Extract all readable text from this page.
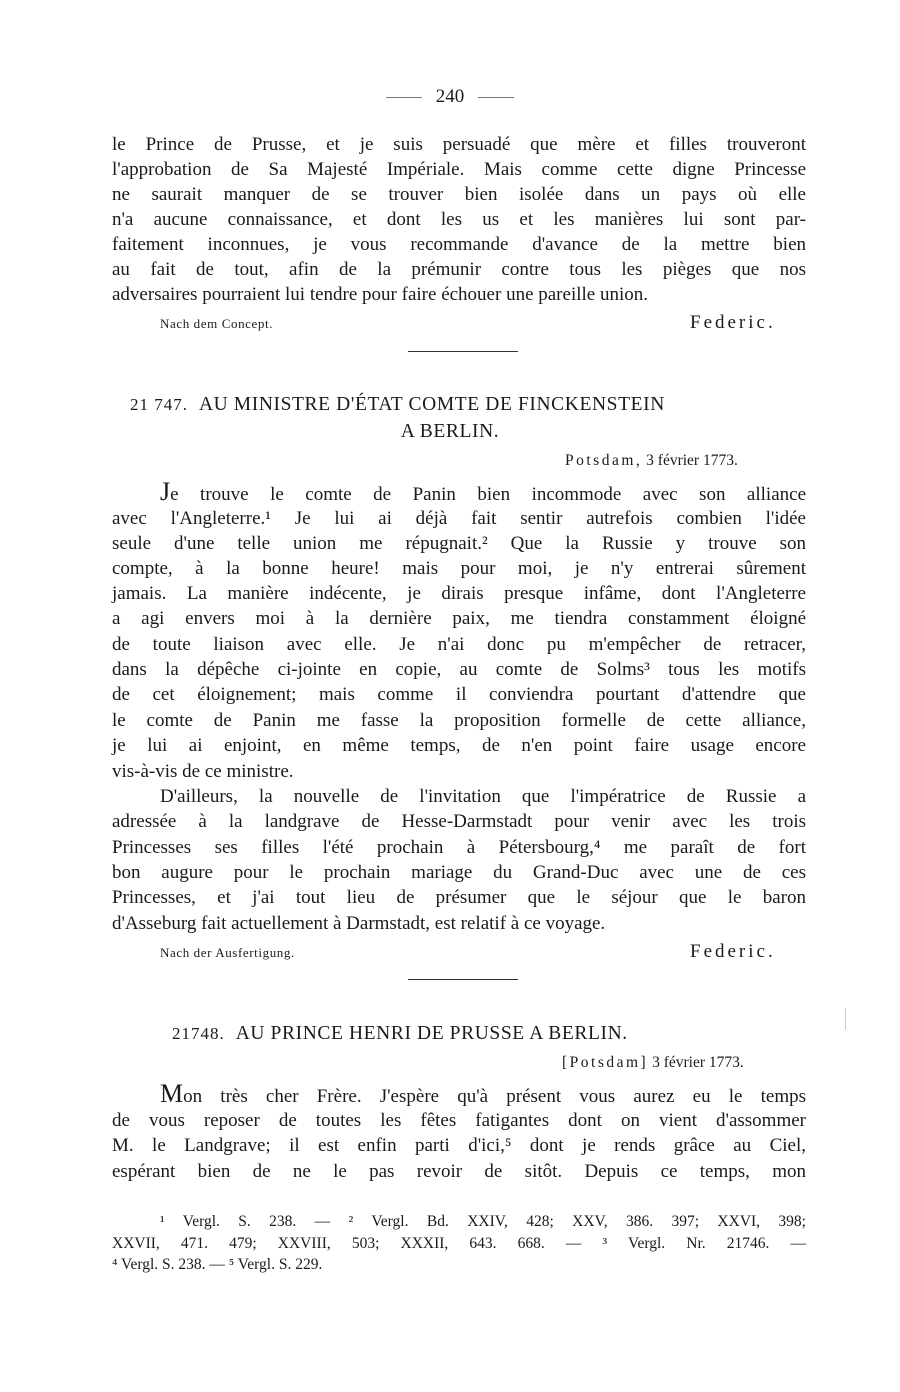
240
le Prince de Prusse, et je suis persuadé que mère et filles trouveront
l'approbation de Sa Majesté Impériale. Mais comme cette digne Princesse
ne saurait manquer de se trouver bien isolée dans un pays où elle
n'a aucune connaissance, et dont les us et les manières lui sont par-
faitement inconnues, je vous recommande d'avance de la mettre bien
au fait de tout, afin de la prémunir contre tous les pièges que nos
adversaires pourraient lui tendre pour faire échouer une pareille union.
Nach dem Concept.	Federic.
21 747. AU MINISTRE D'ÉTAT COMTE DE FINCKENSTEIN
A BERLIN.
Potsdam, 3 février 1773.
Je trouve le comte de Panin bien incommode avec son alliance
avec l'Angleterre.¹ Je lui ai déjà fait sentir autrefois combien l'idée
seule d'une telle union me répugnait.² Que la Russie y trouve son
compte, à la bonne heure! mais pour moi, je n'y entrerai sûrement
jamais. La manière indécente, je dirais presque infâme, dont l'Angleterre
a agi envers moi à la dernière paix, me tiendra constamment éloigné
de toute liaison avec elle. Je n'ai donc pu m'empêcher de retracer,
dans la dépêche ci-jointe en copie, au comte de Solms³ tous les motifs
de cet éloignement; mais comme il conviendra pourtant d'attendre que
le comte de Panin me fasse la proposition formelle de cette alliance,
je lui ai enjoint, en même temps, de n'en point faire usage encore
vis-à-vis de ce ministre.
D'ailleurs, la nouvelle de l'invitation que l'impératrice de Russie a
adressée à la landgrave de Hesse-Darmstadt pour venir avec les trois
Princesses ses filles l'été prochain à Pétersbourg,⁴ me paraît de fort
bon augure pour le prochain mariage du Grand-Duc avec une de ces
Princesses, et j'ai tout lieu de présumer que le séjour que le baron
d'Asseburg fait actuellement à Darmstadt, est relatif à ce voyage.
Nach der Ausfertigung.	Federic.
21748. AU PRINCE HENRI DE PRUSSE A BERLIN.
[Potsdam] 3 février 1773.
Mon très cher Frère. J'espère qu'à présent vous aurez eu le temps
de vous reposer de toutes les fêtes fatigantes dont on vient d'assommer
M. le Landgrave; il est enfin parti d'ici,⁵ dont je rends grâce au Ciel,
espérant bien de ne le pas revoir de sitôt. Depuis ce temps, mon
¹ Vergl. S. 238. — ² Vergl. Bd. XXIV, 428; XXV, 386. 397; XXVI, 398;
XXVII, 471. 479; XXVIII, 503; XXXII, 643. 668. — ³ Vergl. Nr. 21746. —
⁴ Vergl. S. 238. — ⁵ Vergl. S. 229.
